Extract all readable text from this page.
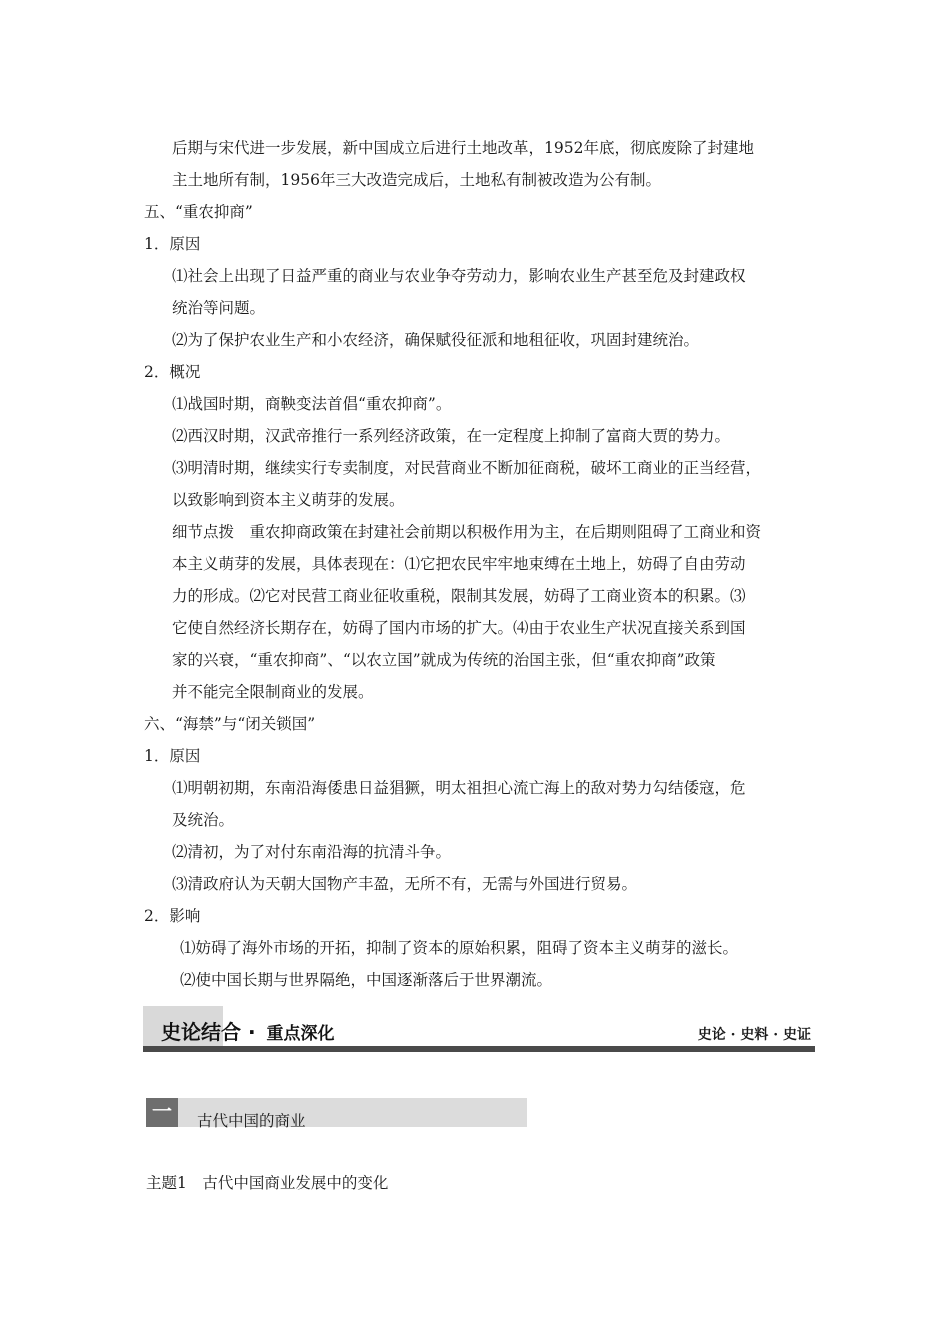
后期与宋代进一步发展，新中国成立后进行土地改革，1952年底，彻底废除了封建地
主土地所有制，1956年三大改造完成后，土地私有制被改造为公有制。
五、“重农抑商”
1．原因
⑴社会上出现了日益严重的商业与农业争夺劳动力，影响农业生产甚至危及封建政权
统治等问题。
⑵为了保护农业生产和小农经济，确保赋役征派和地租征收，巩固封建统治。
2．概况
⑴战国时期，商鞅变法首倡“重农抑商”。
⑵西汉时期，汉武帝推行一系列经济政策，在一定程度上抑制了富商大贾的势力。
⑶明清时期，继续实行专卖制度，对民营商业不断加征商税，破坏工商业的正当经营，
以致影响到资本主义萌芽的发展。
细节点拨　重农抑商政策在封建社会前期以积极作用为主，在后期则阻碍了工商业和资
本主义萌芽的发展，具体表现在：⑴它把农民牢牢地束缚在土地上，妨碍了自由劳动
力的形成。⑵它对民营工商业征收重税，限制其发展，妨碍了工商业资本的积累。⑶
它使自然经济长期存在，妨碍了国内市场的扩大。⑷由于农业生产状况直接关系到国
家的兴衰，“重农抑商”、“以农立国”就成为传统的治国主张，但“重农抑商”政策
并不能完全限制商业的发展。
六、“海禁”与“闭关锁国”
1．原因
⑴明朝初期，东南沿海倭患日益猖獗，明太祖担心流亡海上的敌对势力勾结倭寇，危
及统治。
⑵清初，为了对付东南沿海的抗清斗争。
⑶清政府认为天朝大国物产丰盈，无所不有，无需与外国进行贸易。
2．影响
⑴妨碍了海外市场的开拓，抑制了资本的原始积累，阻碍了资本主义萌芽的滋长。
⑵使中国长期与世界隔绝，中国逐渐落后于世界潮流。
史论结合 · 重点深化	史论 · 史料 · 史证
一	古代中国的商业
主题1　古代中国商业发展中的变化
